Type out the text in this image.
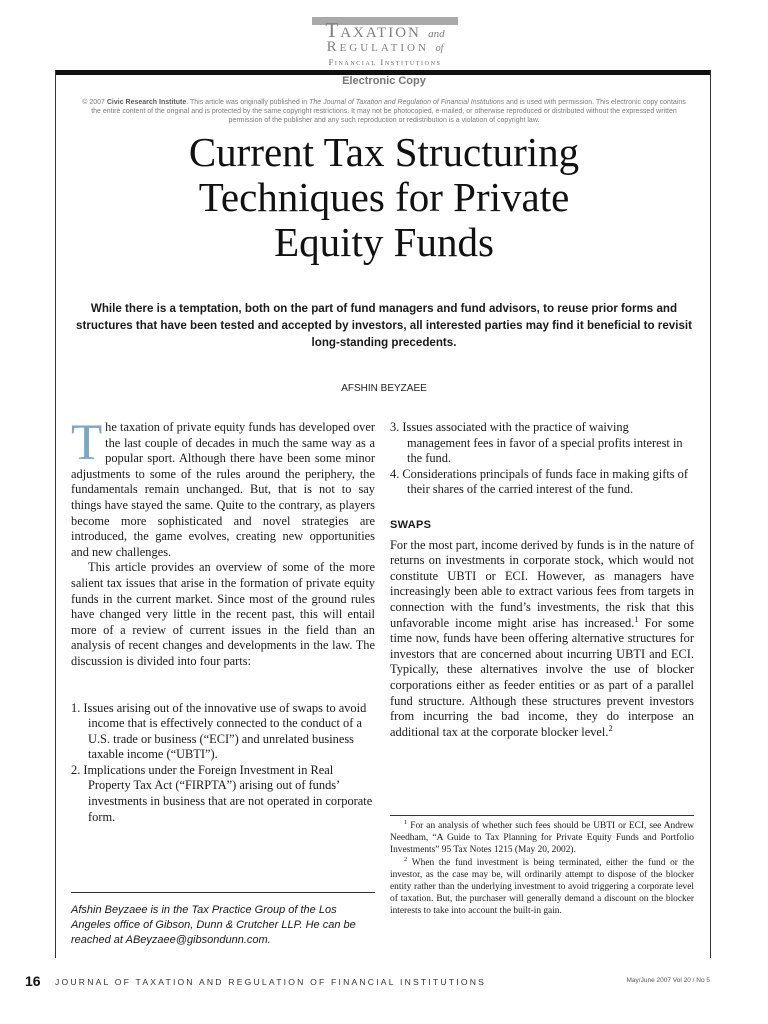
Taxation and
Regulation of
Financial Institutions
Electronic Copy
© 2007 Civic Research Institute. This article was originally published in The Journal of Taxation and Regulation of Financial Institutions and is used with permission. This electronic copy contains the entire content of the original and is protected by the same copyright restrictions. It may not be photocopied, e-mailed, or otherwise reproduced or distributed without the expressed written permission of the publisher and any such reproduction or redistribution is a violation of copyright law.
Current Tax Structuring
Techniques for Private
Equity Funds
While there is a temptation, both on the part of fund managers and fund advisors, to reuse prior forms and structures that have been tested and accepted by investors, all interested parties may find it beneficial to revisit long-standing precedents.
AFSHIN BEYZAEE

The taxation of private equity funds has developed over the last couple of decades in much the same way as a popular sport. Although there have been some minor adjustments to some of the rules around the periphery, the fundamentals remain unchanged. But, that is not to say things have stayed the same. Quite to the contrary, as players become more sophisticated and novel strategies are introduced, the game evolves, creating new opportunities and new challenges.

This article provides an overview of some of the more salient tax issues that arise in the formation of private equity funds in the current market. Since most of the ground rules have changed very little in the recent past, this will entail more of a review of current issues in the field than an analysis of recent changes and developments in the law. The discussion is divided into four parts:

1. Issues arising out of the innovative use of swaps to avoid income that is effectively connected to the conduct of a U.S. trade or business (“ECI”) and unrelated business taxable income (“UBTI”).
2. Implications under the Foreign Investment in Real Property Tax Act (“FIRPTA”) arising out of funds’ investments in business that are not operated in corporate form.
3. Issues associated with the practice of waiving management fees in favor of a special profits interest in the fund.
4. Considerations principals of funds face in making gifts of their shares of the carried interest of the fund.
SWAPS

For the most part, income derived by funds is in the nature of returns on investments in corporate stock, which would not constitute UBTI or ECI. However, as managers have increasingly been able to extract various fees from targets in connection with the fund’s investments, the risk that this unfavorable income might arise has increased.$^1$ For some time now, funds have been offering alternative structures for investors that are concerned about incurring UBTI and ECI. Typically, these alternatives involve the use of blocker corporations either as feeder entities or as part of a parallel fund structure. Although these structures prevent investors from incurring the bad income, they do interpose an additional tax at the corporate blocker level.$^2$

$^1$ For an analysis of whether such fees should be UBTI or ECI, see Andrew Needham, “A Guide to Tax Planning for Private Equity Funds and Portfolio Investments” 95 Tax Notes 1215 (May 20, 2002).

$^2$ When the fund investment is being terminated, either the fund or the investor, as the case may be, will ordinarily attempt to dispose of the blocker entity rather than the underlying investment to avoid triggering a corporate level of taxation. But, the purchaser will generally demand a discount on the blocker interests to take into account the built-in gain.

Afshin Beyzaee is in the Tax Practice Group of the Los Angeles office of Gibson, Dunn & Crutcher LLP. He can be reached at ABeyzaee@gibsondunn.com.
16 JOURNAL OF TAXATION AND REGULATION OF FINANCIAL INSTITUTIONS	May/June 2007 Vol 20 / No 5
